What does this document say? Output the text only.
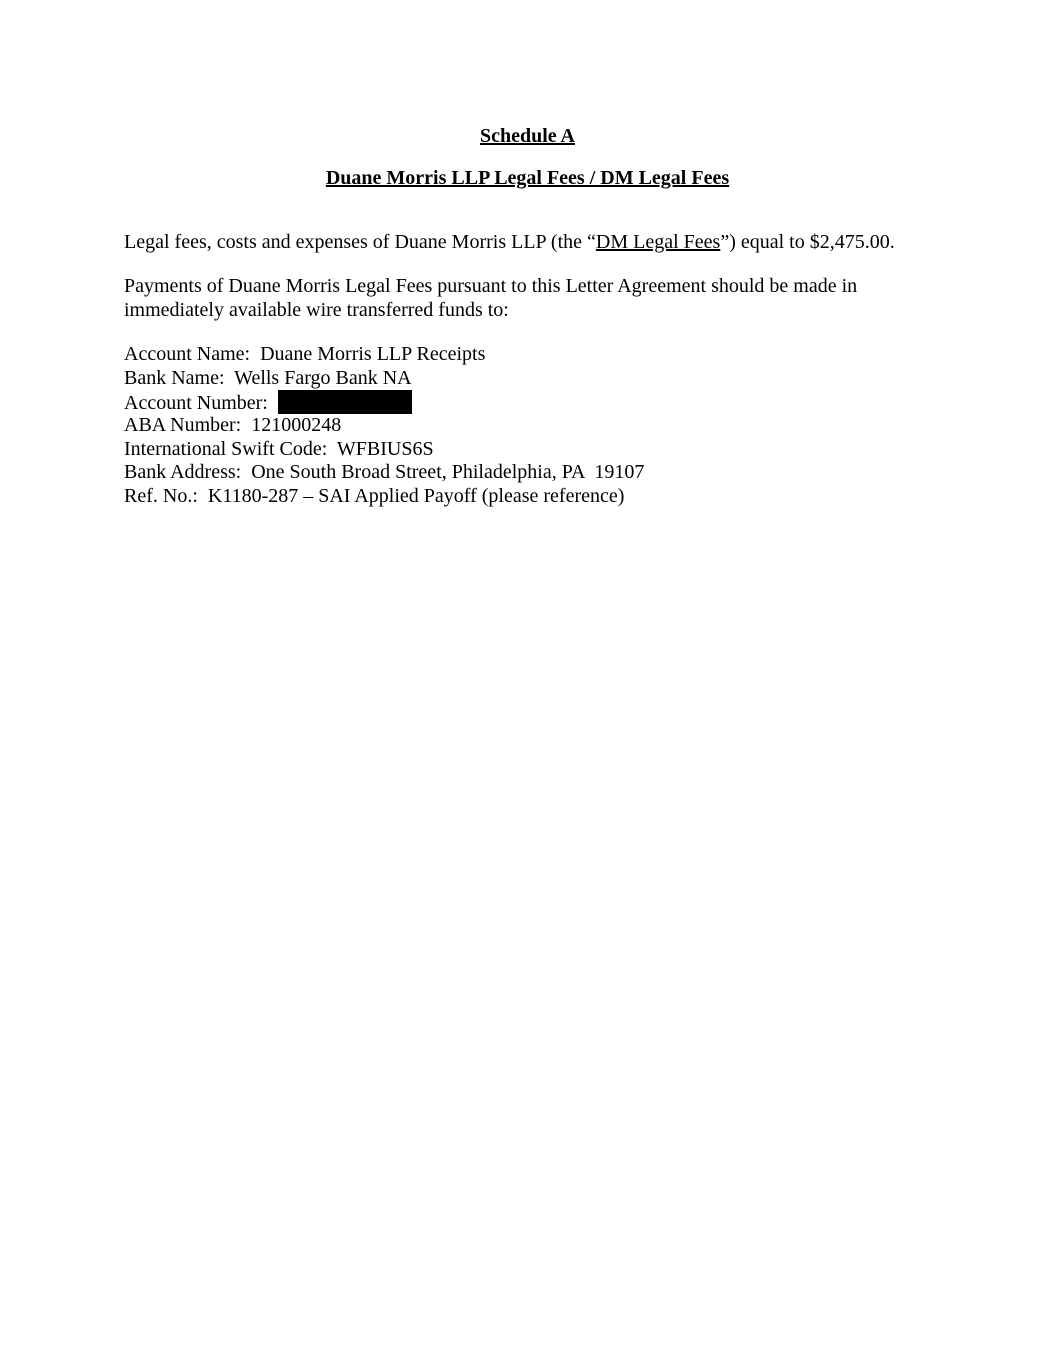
Schedule A
Duane Morris LLP Legal Fees / DM Legal Fees
Legal fees, costs and expenses of Duane Morris LLP (the “DM Legal Fees”) equal to $2,475.00.
Payments of Duane Morris Legal Fees pursuant to this Letter Agreement should be made in immediately available wire transferred funds to:
Account Name:  Duane Morris LLP Receipts
Bank Name:  Wells Fargo Bank NA
Account Number:
ABA Number:  121000248
International Swift Code:  WFBIUS6S
Bank Address:  One South Broad Street, Philadelphia, PA  19107
Ref. No.:  K1180-287 – SAI Applied Payoff (please reference)
